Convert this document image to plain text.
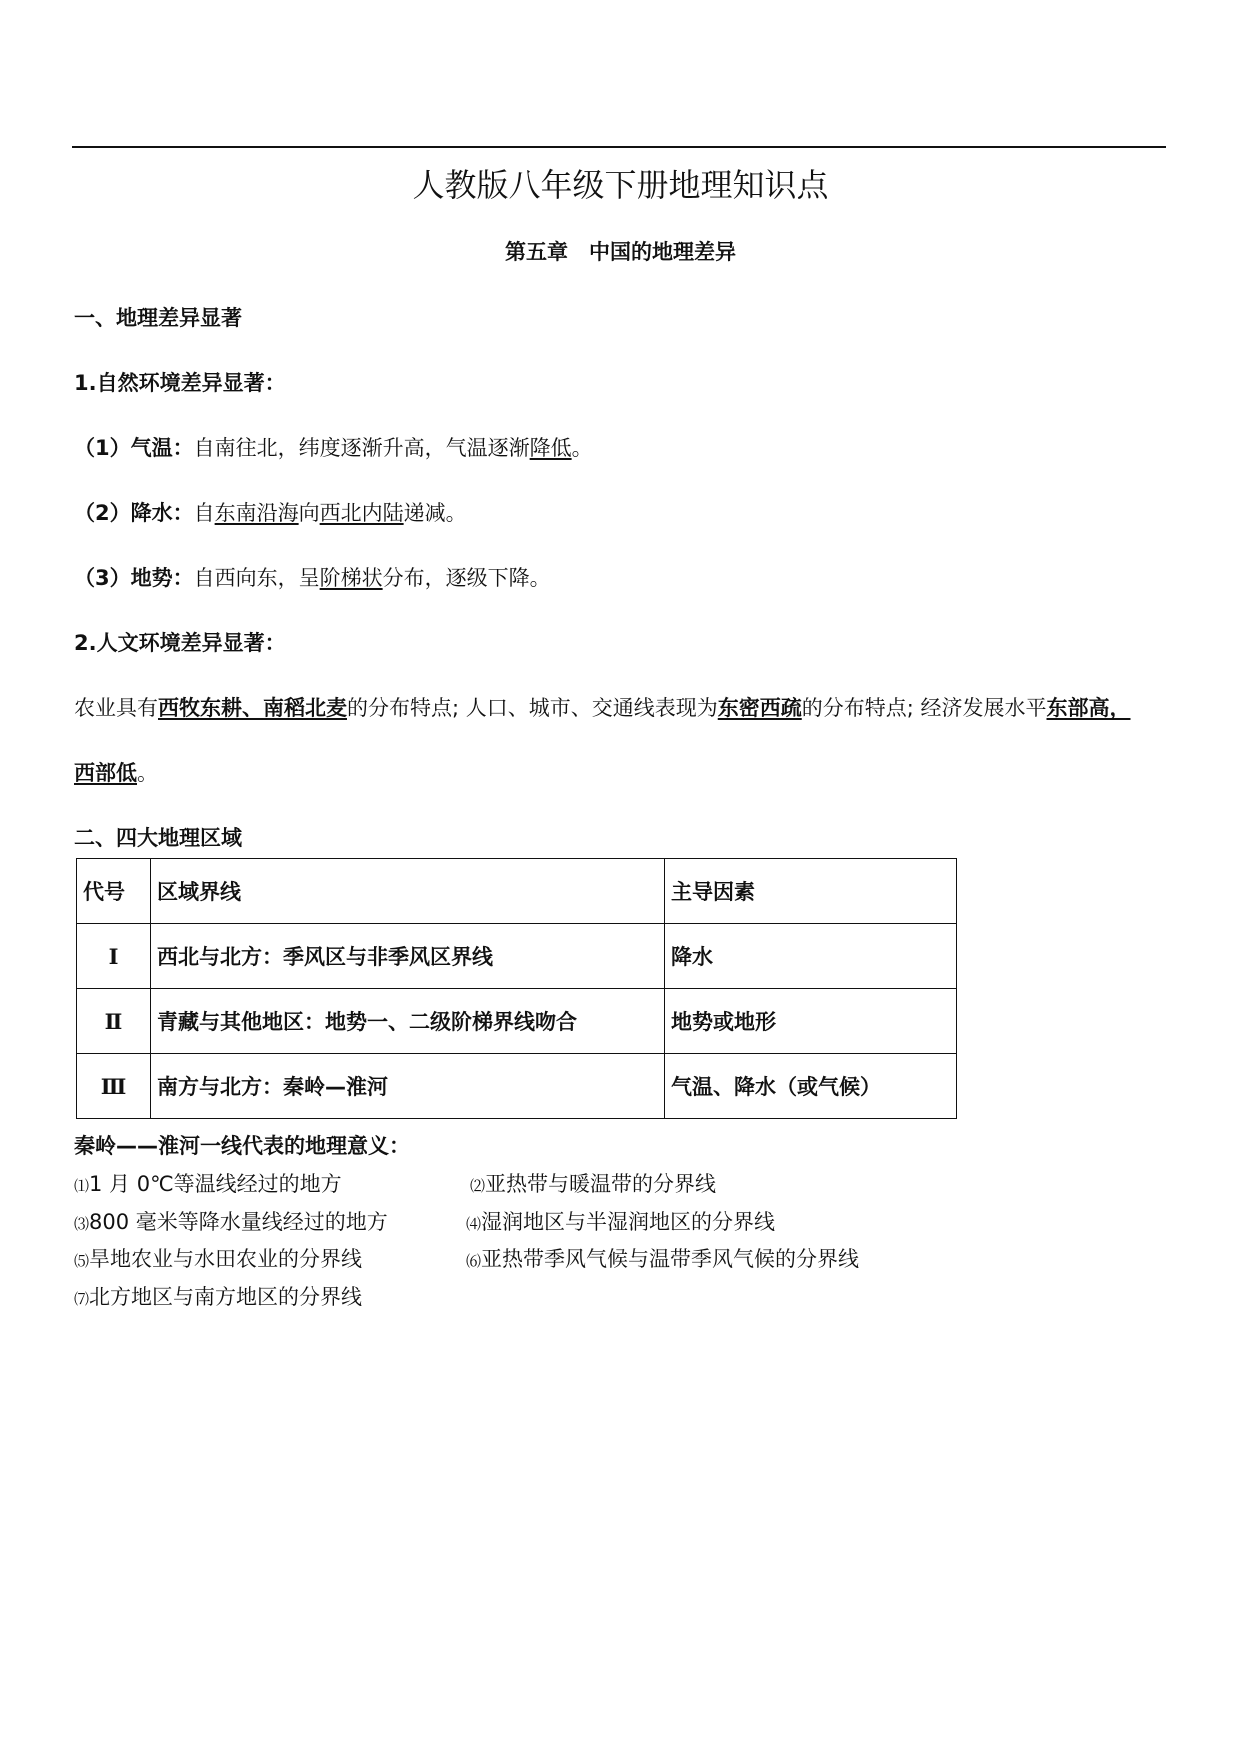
人教版八年级下册地理知识点
第五章　中国的地理差异
一、地理差异显著
1.自然环境差异显著：
（1）气温：自南往北，纬度逐渐升高，气温逐渐降低。
（2）降水：自东南沿海向西北内陆递减。
（3）地势：自西向东，呈阶梯状分布，逐级下降。
2.人文环境差异显著：
农业具有西牧东耕、南稻北麦的分布特点; 人口、城市、交通线表现为东密西疏的分布特点; 经济发展水平东部高，
西部低。
二、四大地理区域
代号	区域界线	主导因素
Ⅰ	西北与北方：季风区与非季风区界线	降水
Ⅱ	青藏与其他地区：地势一、二级阶梯界线吻合	地势或地形
Ⅲ	南方与北方：秦岭—淮河	气温、降水（或气候）
秦岭——淮河一线代表的地理意义：
⑴1 月 0℃等温线经过的地方	⑵亚热带与暖温带的分界线
⑶800 毫米等降水量线经过的地方	⑷湿润地区与半湿润地区的分界线
⑸旱地农业与水田农业的分界线	⑹亚热带季风气候与温带季风气候的分界线
⑺北方地区与南方地区的分界线
